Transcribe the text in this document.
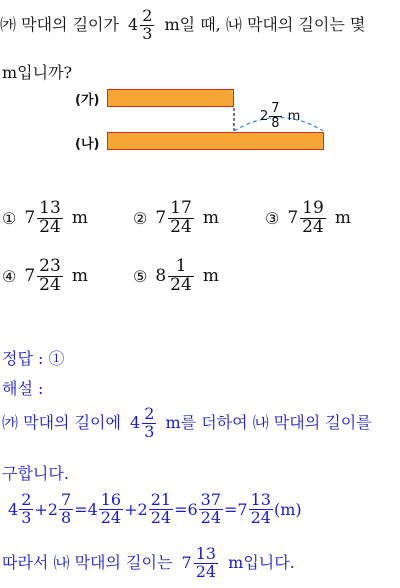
㈎ 막대의 길이가 $4 \frac{2}{3}$ m일 때, ㈏ 막대의 길이는 몇
m입니까?
(가)
(나)
$2 \frac{7}{8}$ m
① $7 \frac{13}{24}$ m	② $7 \frac{17}{24}$ m	③ $7 \frac{19}{24}$ m
④ $7 \frac{23}{24}$ m	⑤ $8 \frac{1}{24}$ m
정답 : ①
해설 :
㈎ 막대의 길이에 $4 \frac{2}{3}$ m를 더하여 ㈏ 막대의 길이를
구합니다.
$4 \frac{2}{3} + 2 \frac{7}{8} = 4 \frac{16}{24} + 2 \frac{21}{24} = 6 \frac{37}{24} = 7 \frac{13}{24} (m)$
따라서 ㈏ 막대의 길이는 $7 \frac{13}{24}$ m입니다.
